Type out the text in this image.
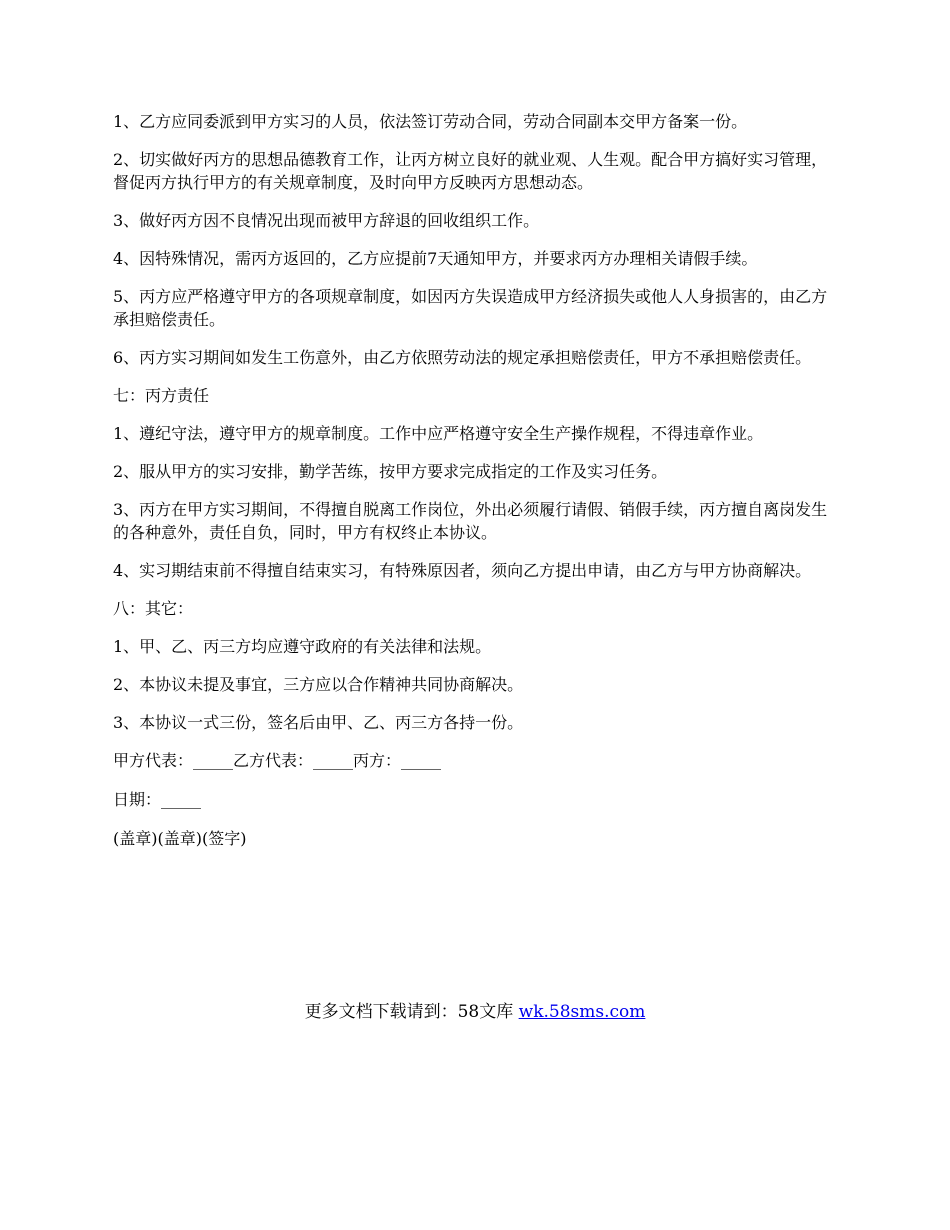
1、乙方应同委派到甲方实习的人员，依法签订劳动合同，劳动合同副本交甲方备案一份。

2、切实做好丙方的思想品德教育工作，让丙方树立良好的就业观、人生观。配合甲方搞好实习管理，督促丙方执行甲方的有关规章制度，及时向甲方反映丙方思想动态。

3、做好丙方因不良情况出现而被甲方辞退的回收组织工作。

4、因特殊情况，需丙方返回的，乙方应提前7天通知甲方，并要求丙方办理相关请假手续。

5、丙方应严格遵守甲方的各项规章制度，如因丙方失误造成甲方经济损失或他人人身损害的，由乙方承担赔偿责任。

6、丙方实习期间如发生工伤意外，由乙方依照劳动法的规定承担赔偿责任，甲方不承担赔偿责任。

七：丙方责任

1、遵纪守法，遵守甲方的规章制度。工作中应严格遵守安全生产操作规程，不得违章作业。

2、服从甲方的实习安排，勤学苦练，按甲方要求完成指定的工作及实习任务。

3、丙方在甲方实习期间，不得擅自脱离工作岗位，外出必须履行请假、销假手续，丙方擅自离岗发生的各种意外，责任自负，同时，甲方有权终止本协议。

4、实习期结束前不得擅自结束实习，有特殊原因者，须向乙方提出申请，由乙方与甲方协商解决。

八：其它：

1、甲、乙、丙三方均应遵守政府的有关法律和法规。

2、本协议未提及事宜，三方应以合作精神共同协商解决。

3、本协议一式三份，签名后由甲、乙、丙三方各持一份。

甲方代表：_____乙方代表：_____丙方：_____
日期：_____
(盖章)(盖章)(签字)
更多文档下载请到：58文库 wk.58sms.com
